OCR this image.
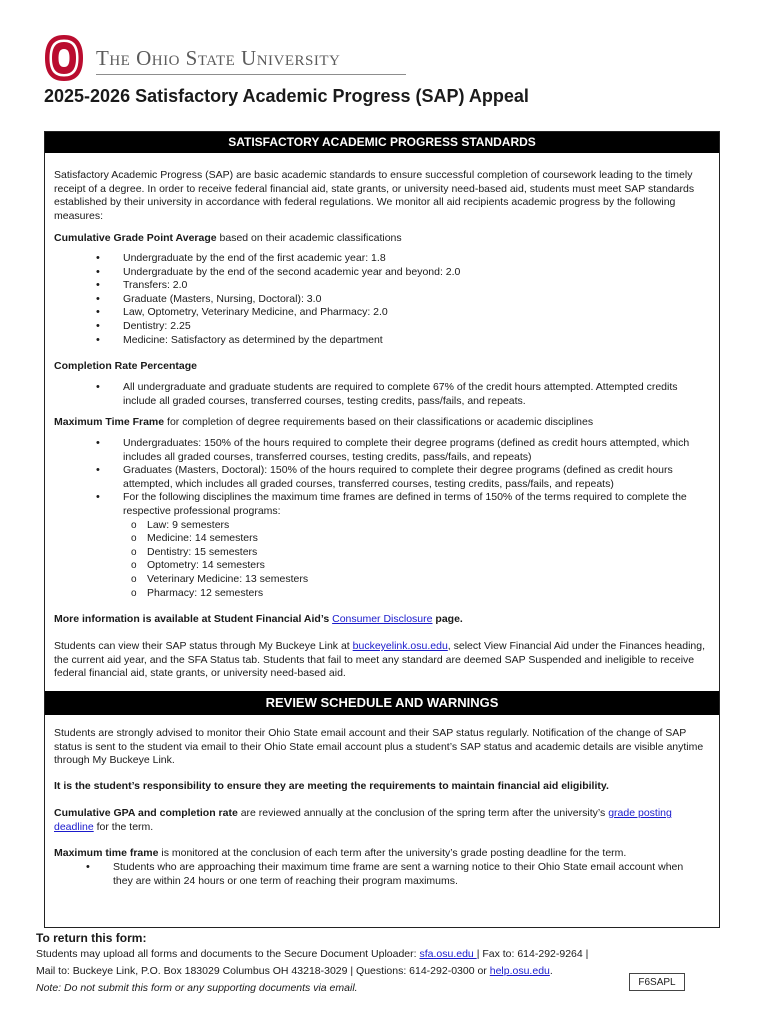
The Ohio State University
2025-2026 Satisfactory Academic Progress (SAP) Appeal
SATISFACTORY ACADEMIC PROGRESS STANDARDS

Satisfactory Academic Progress (SAP) are basic academic standards to ensure successful completion of coursework leading to the timely receipt of a degree. In order to receive federal financial aid, state grants, or university need-based aid, students must meet SAP standards established by their university in accordance with federal regulations. We monitor all aid recipients academic progress by the following measures:

Cumulative Grade Point Average based on their academic classifications

• Undergraduate by the end of the first academic year: 1.8
• Undergraduate by the end of the second academic year and beyond: 2.0
• Transfers: 2.0
• Graduate (Masters, Nursing, Doctoral): 3.0
• Law, Optometry, Veterinary Medicine, and Pharmacy: 2.0
• Dentistry: 2.25
• Medicine: Satisfactory as determined by the department

Completion Rate Percentage

• All undergraduate and graduate students are required to complete 67% of the credit hours attempted. Attempted credits include all graded courses, transferred courses, testing credits, pass/fails, and repeats.

Maximum Time Frame for completion of degree requirements based on their classifications or academic disciplines

• Undergraduates: 150% of the hours required to complete their degree programs (defined as credit hours attempted, which includes all graded courses, transferred courses, testing credits, pass/fails, and repeats)
• Graduates (Masters, Doctoral): 150% of the hours required to complete their degree programs (defined as credit hours attempted, which includes all graded courses, transferred courses, testing credits, pass/fails, and repeats)
• For the following disciplines the maximum time frames are defined in terms of 150% of the terms required to complete the respective professional programs:
o Law: 9 semesters
o Medicine: 14 semesters
o Dentistry: 15 semesters
o Optometry: 14 semesters
o Veterinary Medicine: 13 semesters
o Pharmacy: 12 semesters

More information is available at Student Financial Aid’s Consumer Disclosure page.

Students can view their SAP status through My Buckeye Link at buckeyelink.osu.edu, select View Financial Aid under the Finances heading, the current aid year, and the SFA Status tab. Students that fail to meet any standard are deemed SAP Suspended and ineligible to receive federal financial aid, state grants, or university need-based aid.

REVIEW SCHEDULE AND WARNINGS

Students are strongly advised to monitor their Ohio State email account and their SAP status regularly. Notification of the change of SAP status is sent to the student via email to their Ohio State email account plus a student’s SAP status and academic details are visible anytime through My Buckeye Link.

It is the student’s responsibility to ensure they are meeting the requirements to maintain financial aid eligibility.

Cumulative GPA and completion rate are reviewed annually at the conclusion of the spring term after the university’s grade posting deadline for the term.

Maximum time frame is monitored at the conclusion of each term after the university’s grade posting deadline for the term.

• Students who are approaching their maximum time frame are sent a warning notice to their Ohio State email account when they are within 24 hours or one term of reaching their program maximums.
To return this form:
Students may upload all forms and documents to the Secure Document Uploader: sfa.osu.edu | Fax to: 614-292-9264 |
Mail to: Buckeye Link, P.O. Box 183029 Columbus OH 43218-3029 | Questions: 614-292-0300 or help.osu.edu.
Note: Do not submit this form or any supporting documents via email.	F6SAPL
